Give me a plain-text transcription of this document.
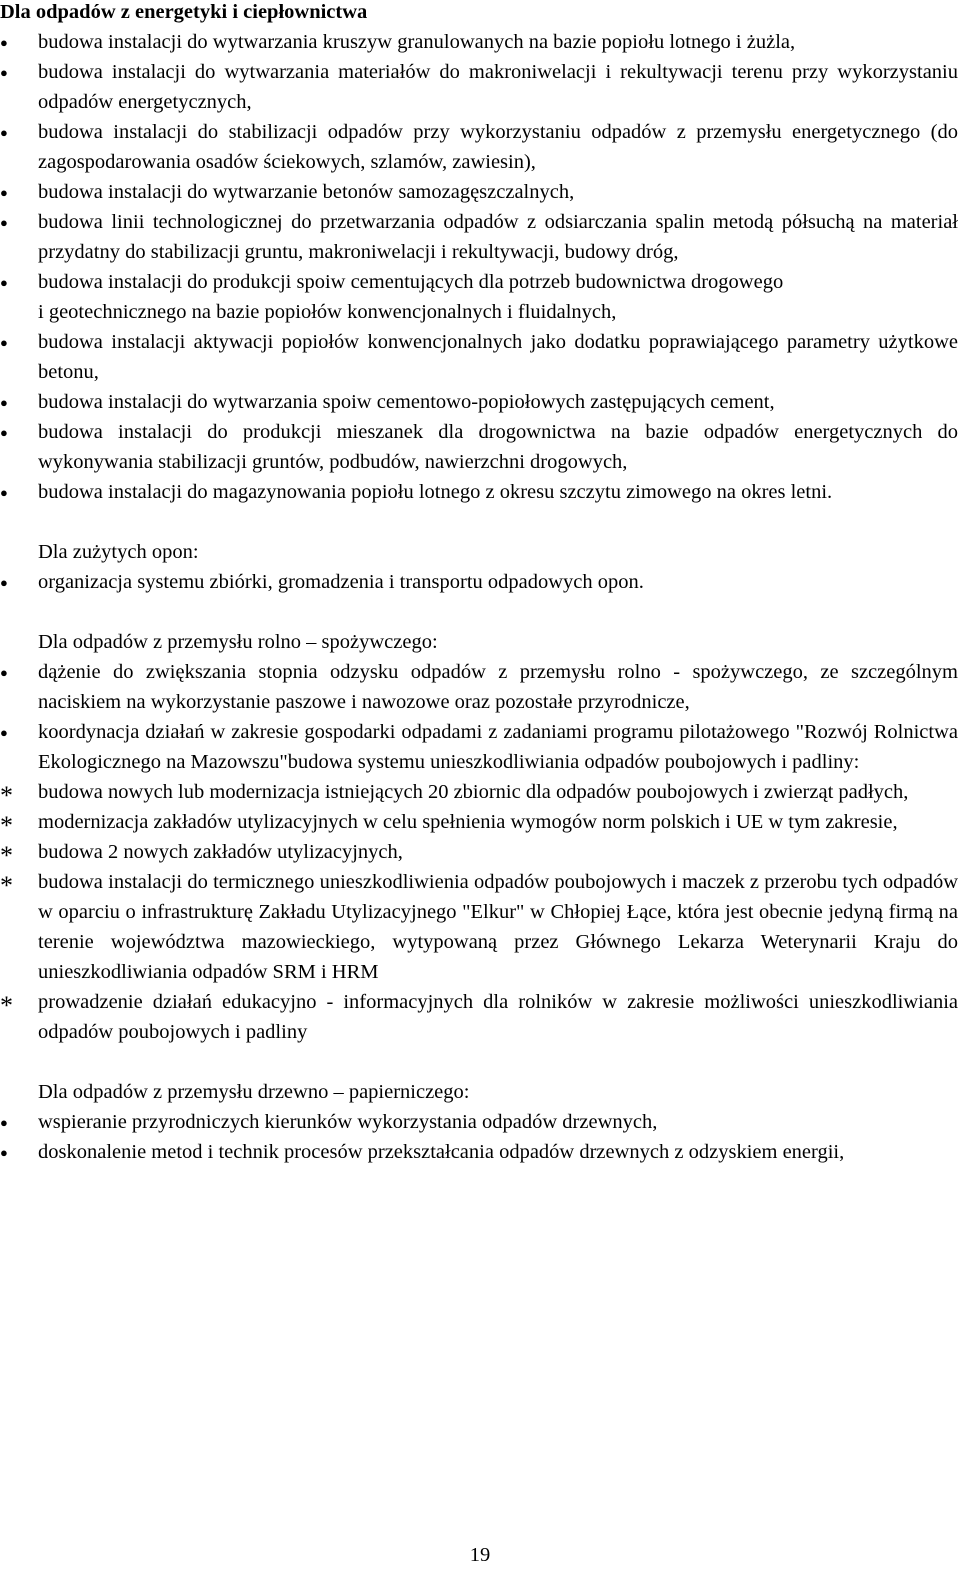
Dla odpadów z energetyki i ciepłownictwa
●
budowa instalacji do wytwarzania kruszyw granulowanych na bazie popiołu lotnego i żużla,
●
budowa instalacji do wytwarzania materiałów do makroniwelacji i rekultywacji terenu przy wykorzystaniu odpadów energetycznych,
●
budowa instalacji do stabilizacji odpadów przy wykorzystaniu odpadów z przemysłu energetycznego (do zagospodarowania osadów ściekowych, szlamów, zawiesin),
●
budowa instalacji do wytwarzanie betonów samozagęszczalnych,
●
budowa linii technologicznej do przetwarzania odpadów z odsiarczania spalin metodą półsuchą na materiał przydatny do stabilizacji gruntu, makroniwelacji i rekultywacji, budowy dróg,
●
budowa instalacji do produkcji spoiw cementujących dla potrzeb budownictwa drogowego
i geotechnicznego na bazie popiołów konwencjonalnych i fluidalnych,
●
budowa instalacji aktywacji popiołów konwencjonalnych jako dodatku poprawiającego parametry użytkowe betonu,
●
budowa instalacji do wytwarzania spoiw cementowo-popiołowych zastępujących cement,
●
budowa instalacji do produkcji mieszanek dla drogownictwa na bazie odpadów energetycznych do wykonywania stabilizacji gruntów, podbudów, nawierzchni drogowych,
●
budowa instalacji do magazynowania popiołu lotnego z okresu szczytu zimowego na okres letni.
Dla zużytych opon:
●
organizacja systemu zbiórki, gromadzenia i transportu odpadowych opon.
Dla odpadów z przemysłu rolno – spożywczego:
●
dążenie do zwiększania stopnia odzysku odpadów z przemysłu rolno - spożywczego, ze szczególnym naciskiem na wykorzystanie paszowe i nawozowe oraz pozostałe przyrodnicze,
●
koordynacja działań w zakresie gospodarki odpadami z zadaniami programu pilotażowego "Rozwój Rolnictwa Ekologicznego na Mazowszu"budowa systemu unieszkodliwiania odpadów poubojowych i padliny:
*
budowa nowych lub modernizacja istniejących 20 zbiornic dla odpadów poubojowych i zwierząt padłych,
*
modernizacja zakładów utylizacyjnych w celu spełnienia wymogów norm polskich i UE w tym zakresie,
*
budowa 2 nowych zakładów utylizacyjnych,
*
budowa instalacji do termicznego unieszkodliwienia odpadów poubojowych i maczek z przerobu tych odpadów w oparciu o infrastrukturę Zakładu Utylizacyjnego "Elkur" w Chłopiej Łące, która jest obecnie jedyną firmą na terenie województwa mazowieckiego, wytypowaną przez Głównego Lekarza Weterynarii Kraju do unieszkodliwiania odpadów SRM i HRM
*
prowadzenie działań edukacyjno - informacyjnych dla rolników w zakresie możliwości unieszkodliwiania odpadów poubojowych i padliny
Dla odpadów z przemysłu drzewno – papierniczego:
●
wspieranie przyrodniczych kierunków wykorzystania odpadów drzewnych,
●
doskonalenie metod i technik procesów przekształcania odpadów drzewnych z odzyskiem energii,
19
